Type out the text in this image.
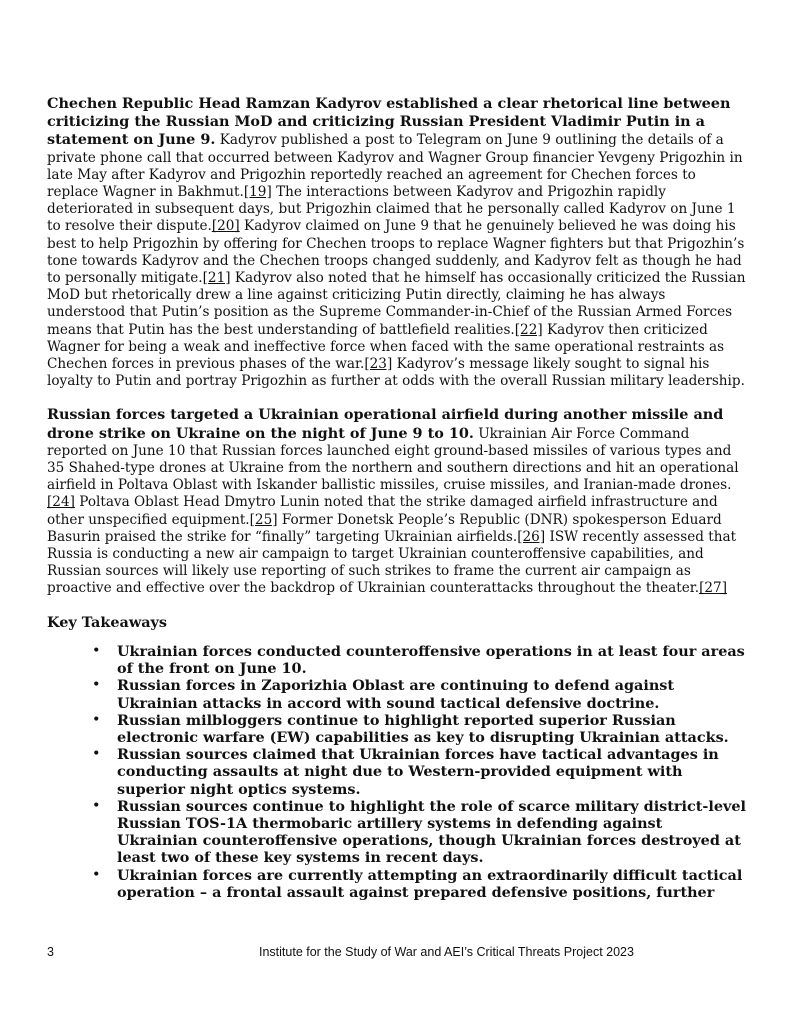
Chechen Republic Head Ramzan Kadyrov established a clear rhetorical line between criticizing the Russian MoD and criticizing Russian President Vladimir Putin in a statement on June 9. Kadyrov published a post to Telegram on June 9 outlining the details of a private phone call that occurred between Kadyrov and Wagner Group financier Yevgeny Prigozhin in late May after Kadyrov and Prigozhin reportedly reached an agreement for Chechen forces to replace Wagner in Bakhmut.[19] The interactions between Kadyrov and Prigozhin rapidly deteriorated in subsequent days, but Prigozhin claimed that he personally called Kadyrov on June 1 to resolve their dispute.[20] Kadyrov claimed on June 9 that he genuinely believed he was doing his best to help Prigozhin by offering for Chechen troops to replace Wagner fighters but that Prigozhin’s tone towards Kadyrov and the Chechen troops changed suddenly, and Kadyrov felt as though he had to personally mitigate.[21] Kadyrov also noted that he himself has occasionally criticized the Russian MoD but rhetorically drew a line against criticizing Putin directly, claiming he has always understood that Putin’s position as the Supreme Commander-in-Chief of the Russian Armed Forces means that Putin has the best understanding of battlefield realities.[22] Kadyrov then criticized Wagner for being a weak and ineffective force when faced with the same operational restraints as Chechen forces in previous phases of the war.[23] Kadyrov’s message likely sought to signal his loyalty to Putin and portray Prigozhin as further at odds with the overall Russian military leadership.

Russian forces targeted a Ukrainian operational airfield during another missile and drone strike on Ukraine on the night of June 9 to 10. Ukrainian Air Force Command reported on June 10 that Russian forces launched eight ground-based missiles of various types and 35 Shahed-type drones at Ukraine from the northern and southern directions and hit an operational airfield in Poltava Oblast with Iskander ballistic missiles, cruise missiles, and Iranian-made drones.[24] Poltava Oblast Head Dmytro Lunin noted that the strike damaged airfield infrastructure and other unspecified equipment.[25] Former Donetsk People’s Republic (DNR) spokesperson Eduard Basurin praised the strike for “finally” targeting Ukrainian airfields.[26] ISW recently assessed that Russia is conducting a new air campaign to target Ukrainian counteroffensive capabilities, and Russian sources will likely use reporting of such strikes to frame the current air campaign as proactive and effective over the backdrop of Ukrainian counterattacks throughout the theater.[27]

Key Takeaways

• Ukrainian forces conducted counteroffensive operations in at least four areas of the front on June 10.
• Russian forces in Zaporizhia Oblast are continuing to defend against Ukrainian attacks in accord with sound tactical defensive doctrine.
• Russian milbloggers continue to highlight reported superior Russian electronic warfare (EW) capabilities as key to disrupting Ukrainian attacks.
• Russian sources claimed that Ukrainian forces have tactical advantages in conducting assaults at night due to Western-provided equipment with superior night optics systems.
• Russian sources continue to highlight the role of scarce military district-level Russian TOS-1A thermobaric artillery systems in defending against Ukrainian counteroffensive operations, though Ukrainian forces destroyed at least two of these key systems in recent days.
• Ukrainian forces are currently attempting an extraordinarily difficult tactical operation – a frontal assault against prepared defensive positions, further
3	Institute for the Study of War and AEI’s Critical Threats Project 2023
